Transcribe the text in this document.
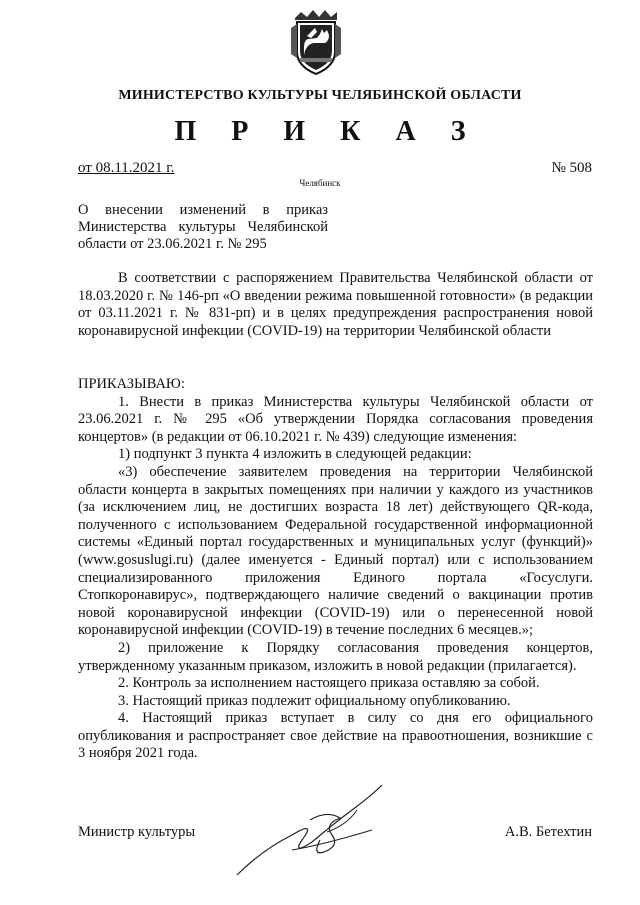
МИНИСТЕРСТВО КУЛЬТУРЫ ЧЕЛЯБИНСКОЙ ОБЛАСТИ
П Р И К А З
от 08.11.2021 г.	№ 508
Челябинск
О внесении изменений в приказ Министерства культуры Челябинской области от 23.06.2021 г. № 295

В соответствии с распоряжением Правительства Челябинской области от 18.03.2020 г. № 146-рп «О введении режима повышенной готовности» (в редакции от 03.11.2021 г. № 831-рп) и в целях предупреждения распространения новой коронавирусной инфекции (COVID-19) на территории Челябинской области

ПРИКАЗЫВАЮ:

1. Внести в приказ Министерства культуры Челябинской области от 23.06.2021 г. № 295 «Об утверждении Порядка согласования проведения концертов» (в редакции от 06.10.2021 г. № 439) следующие изменения:

1) подпункт 3 пункта 4 изложить в следующей редакции:

«3) обеспечение заявителем проведения на территории Челябинской области концерта в закрытых помещениях при наличии у каждого из участников (за исключением лиц, не достигших возраста 18 лет) действующего QR-кода, полученного с использованием Федеральной государственной информационной системы «Единый портал государственных и муниципальных услуг (функций)» (www.gosuslugi.ru) (далее именуется - Единый портал) или с использованием специализированного приложения Единого портала «Госуслуги. Стопкоронавирус», подтверждающего наличие сведений о вакцинации против новой коронавирусной инфекции (COVID-19) или о перенесенной новой коронавирусной инфекции (COVID-19) в течение последних 6 месяцев.»;

2) приложение к Порядку согласования проведения концертов, утвержденному указанным приказом, изложить в новой редакции (прилагается).

2. Контроль за исполнением настоящего приказа оставляю за собой.

3. Настоящий приказ подлежит официальному опубликованию.

4. Настоящий приказ вступает в силу со дня его официального опубликования и распространяет свое действие на правоотношения, возникшие с 3 ноября 2021 года.

Министр культуры	А.В. Бетехтин
